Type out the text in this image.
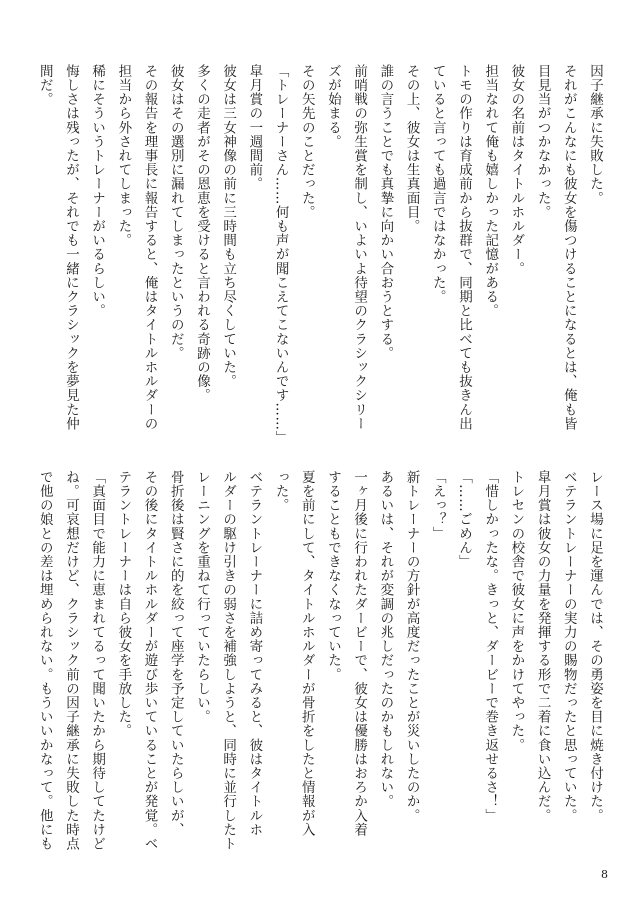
因子継承に失敗した。
それがこんなにも彼女を傷つけることになるとは、俺も皆
目見当がつかなかった。
彼女の名前はタイトルホルダー。
担当なれて俺も嬉しかった記憶がある。
トモの作りは育成前から抜群で、同期と比べても抜きん出
ていると言っても過言ではなかった。
その上、彼女は生真面目。
誰の言うことでも真摯に向かい合おうとする。
前哨戦の弥生賞を制し、いよいよ待望のクラシックシリー
ズが始まる。
その矢先のことだった。
「トレーナーさん……何も声が聞こえてこないんです……」
皐月賞の一週間前。
彼女は三女神像の前に三時間も立ち尽くしていた。
多くの走者がその恩恵を受けると言われる奇跡の像。
彼女はその選別に漏れてしまったというのだ。
その報告を理事長に報告すると、俺はタイトルホルダーの
担当から外されてしまった。
稀にそういうトレーナーがいるらしい。
悔しさは残ったが、それでも一緒にクラシックを夢見た仲
間だ。
レース場に足を運んでは、その勇姿を目に焼き付けた。
ベテラントレーナーの実力の賜物だったと思っていた。
皐月賞は彼女の力量を発揮する形で二着に食い込んだ。
トレセンの校舎で彼女に声をかけてやった。
「惜しかったな。きっと、ダービーで巻き返せるさ！」
「……ごめん」
「えっ？」
新トレーナーの方針が高度だったことが災いしたのか。
あるいは、それが変調の兆しだったのかもしれない。
一ヶ月後に行われたダービーで、彼女は優勝はおろか入着
することもできなくなっていた。
夏を前にして、タイトルホルダーが骨折をしたと情報が入
った。
ベテラントレーナーに詰め寄ってみると、彼はタイトルホ
ルダーの駆け引きの弱さを補強しようと、同時に並行したト
レーニングを重ねて行っていたらしい。
骨折後は賢さに的を絞って座学を予定していたらしいが、
その後にタイトルホルダーが遊び歩いていることが発覚。ベ
テラントレーナーは自ら彼女を手放した。
「真面目で能力に恵まれてるって聞いたから期待してたけど
ね。可哀想だけど、クラシック前の因子継承に失敗した時点
で他の娘との差は埋められない。もういいかなって。他にも
8
